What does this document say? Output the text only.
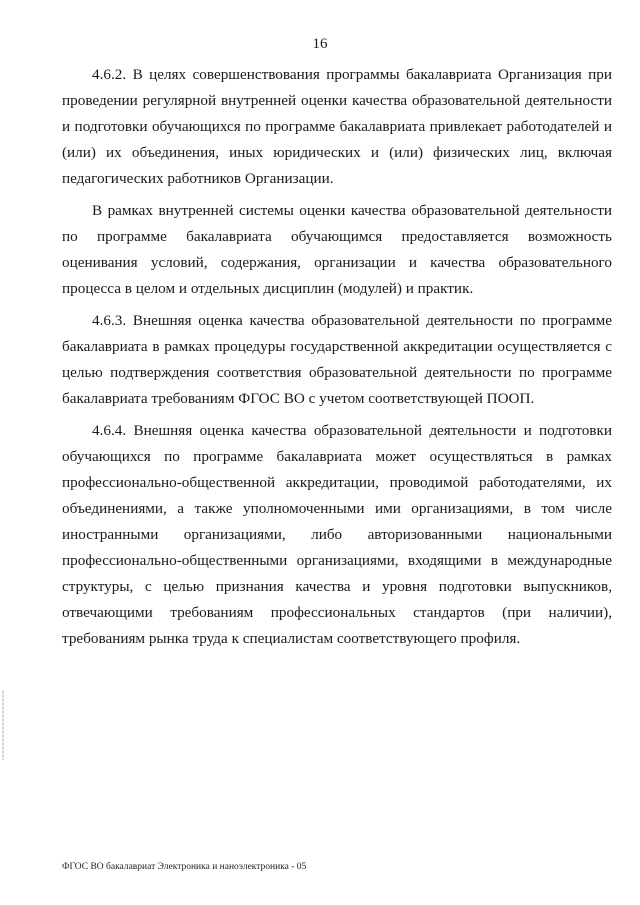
16

4.6.2. В целях совершенствования программы бакалавриата Организация при проведении регулярной внутренней оценки качества образовательной деятельности и подготовки обучающихся по программе бакалавриата привлекает работодателей и (или) их объединения, иных юридических и (или) физических лиц, включая педагогических работников Организации.

В рамках внутренней системы оценки качества образовательной деятельности по программе бакалавриата обучающимся предоставляется возможность оценивания условий, содержания, организации и качества образовательного процесса в целом и отдельных дисциплин (модулей) и практик.

4.6.3. Внешняя оценка качества образовательной деятельности по программе бакалавриата в рамках процедуры государственной аккредитации осуществляется с целью подтверждения соответствия образовательной деятельности по программе бакалавриата требованиям ФГОС ВО с учетом соответствующей ПООП.

4.6.4. Внешняя оценка качества образовательной деятельности и подготовки обучающихся по программе бакалавриата может осуществляться в рамках профессионально-общественной аккредитации, проводимой работодателями, их объединениями, а также уполномоченными ими организациями, в том числе иностранными организациями, либо авторизованными национальными профессионально-общественными организациями, входящими в международные структуры, с целью признания качества и уровня подготовки выпускников, отвечающими требованиям профессиональных стандартов (при наличии), требованиям рынка труда к специалистам соответствующего профиля.

ФГОС ВО бакалавриат Электроника и наноэлектроника - 05
